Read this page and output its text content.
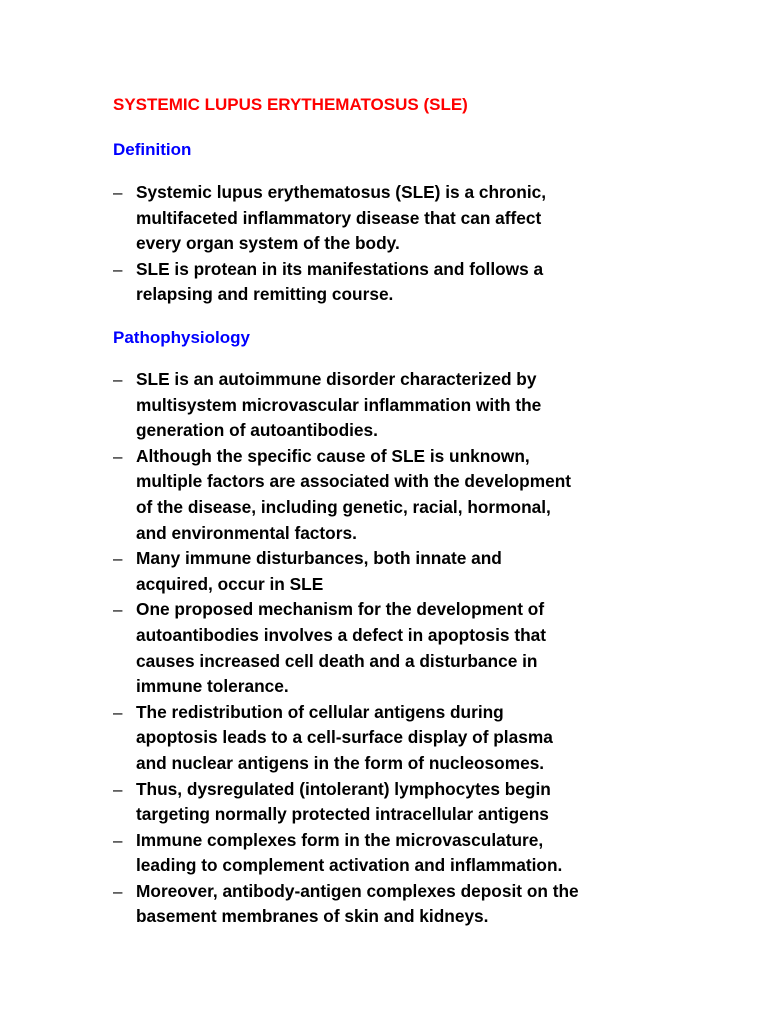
SYSTEMIC LUPUS ERYTHEMATOSUS (SLE)
Definition
– Systemic lupus erythematosus (SLE) is a chronic,
multifaceted inflammatory disease that can affect
every organ system of the body.
– SLE is protean in its manifestations and follows a
relapsing and remitting course.
Pathophysiology
– SLE is an autoimmune disorder characterized by
multisystem microvascular inflammation with the
generation of autoantibodies.
– Although the specific cause of SLE is unknown,
multiple factors are associated with the development
of the disease, including genetic, racial, hormonal,
and environmental factors.
– Many immune disturbances, both innate and
acquired, occur in SLE
– One proposed mechanism for the development of
autoantibodies involves a defect in apoptosis that
causes increased cell death and a disturbance in
immune tolerance.
– The redistribution of cellular antigens during
apoptosis leads to a cell-surface display of plasma
and nuclear antigens in the form of nucleosomes.
– Thus, dysregulated (intolerant) lymphocytes begin
targeting normally protected intracellular antigens
– Immune complexes form in the microvasculature,
leading to complement activation and inflammation.
– Moreover, antibody-antigen complexes deposit on the
basement membranes of skin and kidneys.
